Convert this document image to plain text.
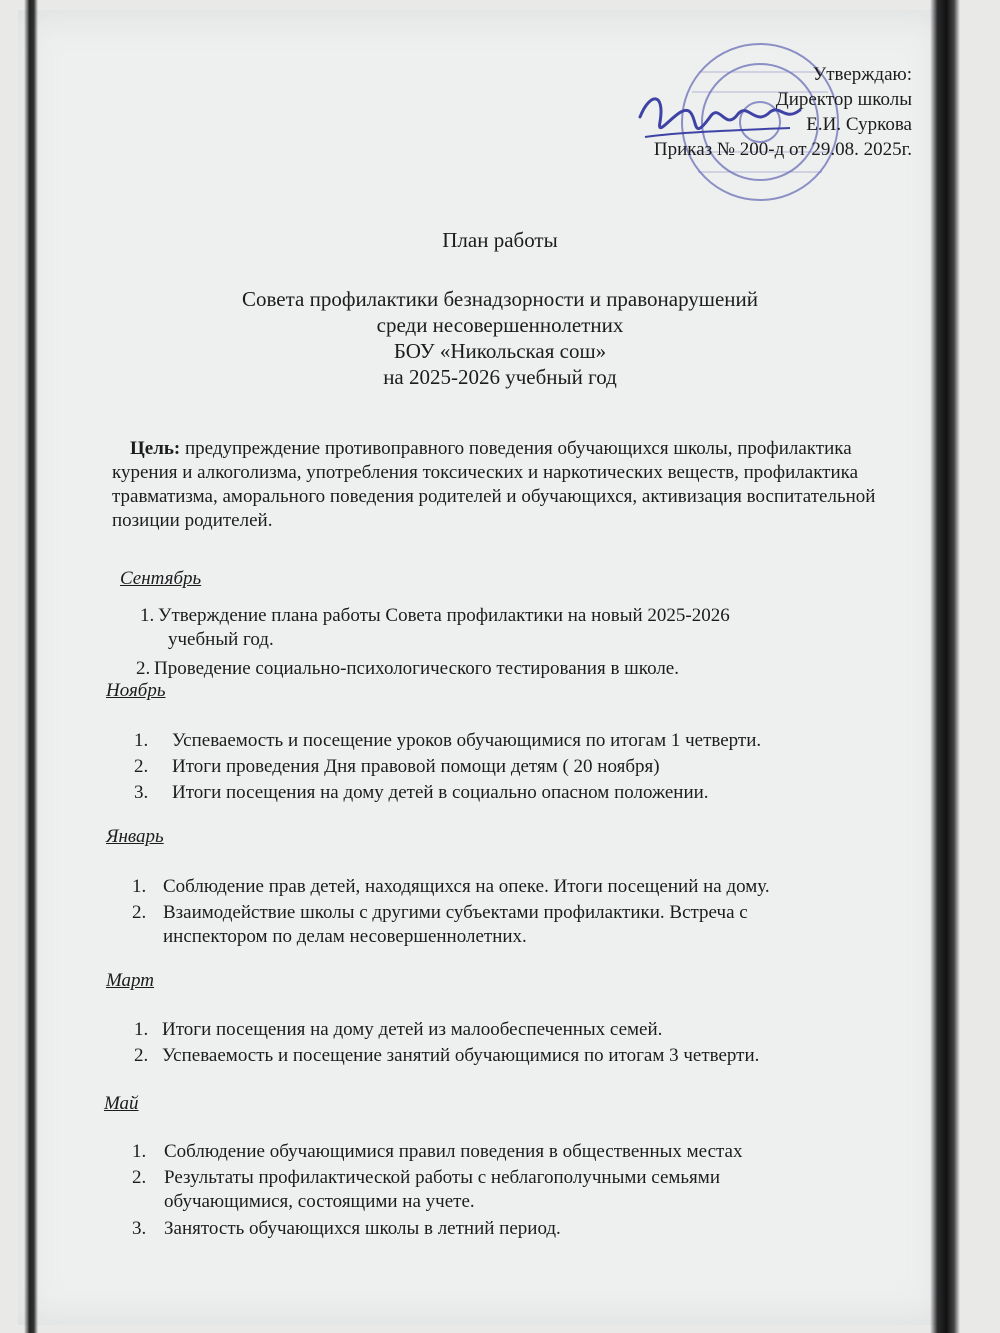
Утверждаю:
Директор школы
Е.И. Суркова
Приказ № 200-д от 29.08. 2025г.
План работы
Совета профилактики безнадзорности и правонарушений
среди несовершеннолетних
БОУ «Никольская сош»
на 2025-2026 учебный год
Цель: предупреждение противоправного поведения обучающихся школы, профилактика курения и алкоголизма, употребления токсических и наркотических веществ, профилактика травматизма, аморального поведения родителей и обучающихся, активизация воспитательной позиции родителей.
Сентябрь
1. Утверждение плана работы Совета профилактики на новый 2025-2026
учебный год.
2. Проведение социально-психологического тестирования в школе.
Ноябрь
1. Успеваемость и посещение уроков обучающимися по итогам 1 четверти.
2. Итоги проведения Дня правовой помощи детям ( 20 ноября)
3. Итоги посещения на дому детей в социально опасном положении.
Январь
1. Соблюдение прав детей, находящихся на опеке. Итоги посещений на дому.
2. Взаимодействие школы с другими субъектами профилактики. Встреча с
инспектором по делам несовершеннолетних.
Март
1. Итоги посещения на дому детей из малообеспеченных семей.
2. Успеваемость и посещение занятий обучающимися по итогам 3 четверти.
Май
1. Соблюдение обучающимися правил поведения в общественных местах
2. Результаты профилактической работы с неблагополучными семьями
обучающимися, состоящими на учете.
3. Занятость обучающихся школы в летний период.
